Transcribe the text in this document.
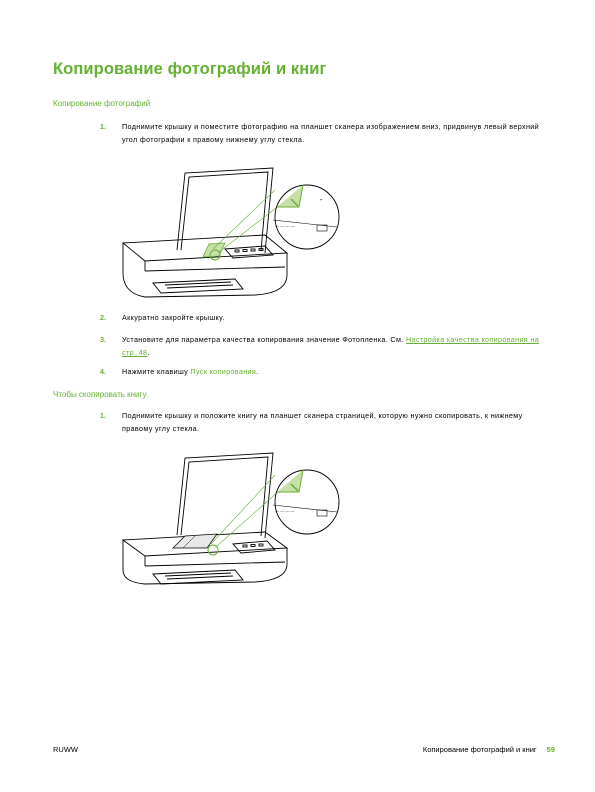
Копирование фотографий и книг
Копирование фотографий
1. Поднимите крышку и поместите фотографию на планшет сканера изображением вниз, придвинув левый верхний угол фотографии к правому нижнему углу стекла.
― ― ― ―
⌐
2. Аккуратно закройте крышку.
3. Установите для параметра качества копирования значение Фотопленка. См. Настройка качества копирования на стр. 48.
4. Нажмите клавишу Пуск копирования.
Чтобы скопировать книгу
1. Поднимите крышку и положите книгу на планшет сканера страницей, которую нужно скопировать, к нижнему правому углу стекла.
― ― ― ―
RUWW	Копирование фотографий и книг 59
